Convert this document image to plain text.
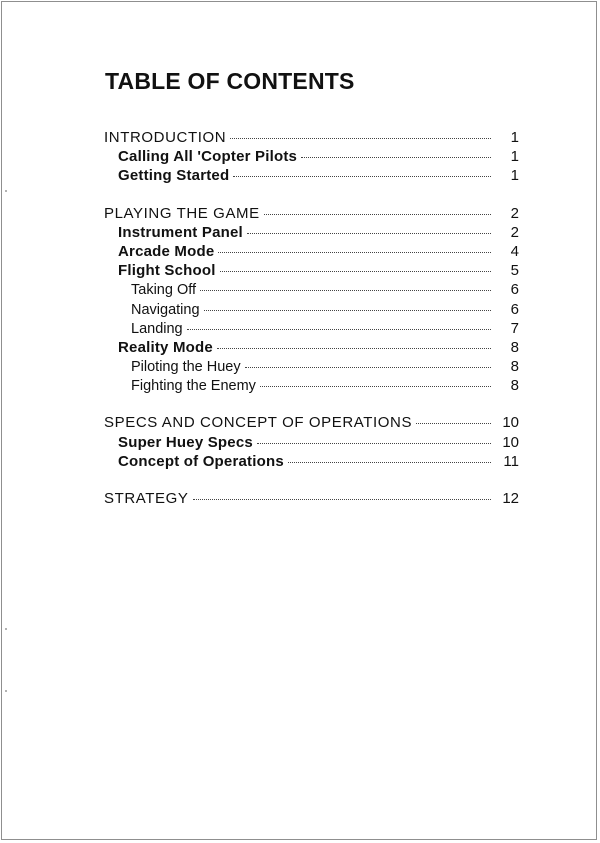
TABLE OF CONTENTS
INTRODUCTION	1
Calling All 'Copter Pilots	1
Getting Started	1
PLAYING THE GAME	2
Instrument Panel	2
Arcade Mode	4
Flight School	5
Taking Off	6
Navigating	6
Landing	7
Reality Mode	8
Piloting the Huey	8
Fighting the Enemy	8
SPECS AND CONCEPT OF OPERATIONS	10
Super Huey Specs	10
Concept of Operations	11
STRATEGY	12
